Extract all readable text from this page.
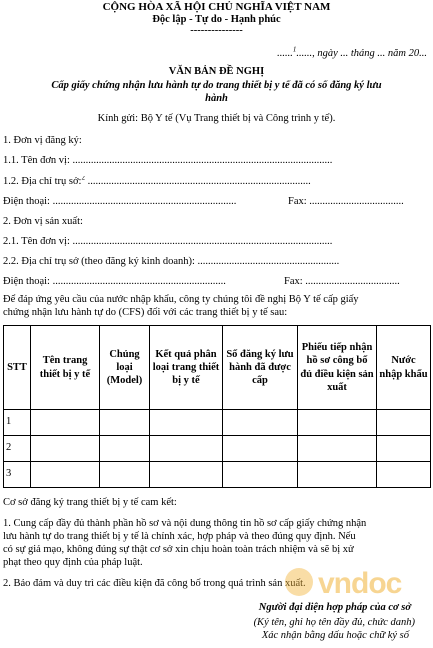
CỘNG HÒA XÃ HỘI CHỦ NGHĨA VIỆT NAM
Độc lập - Tự do - Hạnh phúc
---------------
......$^1$......, ngày ... tháng ... năm 20...
VĂN BẢN ĐỀ NGHỊ
Cấp giấy chứng nhận lưu hành tự do trang thiết bị y tế đã có số đăng ký lưu
hành
Kính gửi: Bộ Y tế (Vụ Trang thiết bị và Công trình y tế).
1. Đơn vị đăng ký:
1.1. Tên đơn vị: ...................................................................................................
1.2. Địa chỉ trụ sở:$^2$ .....................................................................................
Điện thoại: ......................................................................	Fax: ....................................
2. Đơn vị sản xuất:
2.1. Tên đơn vị: ...................................................................................................
2.2. Địa chỉ trụ sở (theo đăng ký kinh doanh): ......................................................
Điện thoại: ..................................................................	Fax: ....................................
Để đáp ứng yêu cầu của nước nhập khẩu, công ty chúng tôi đề nghị Bộ Y tế cấp giấy
chứng nhận lưu hành tự do (CFS) đối với các trang thiết bị y tế sau:
STT	Tên trang thiết bị y tế	Chủng loại (Model)	Kết quả phân loại trang thiết bị y tế	Số đăng ký lưu hành đã được cấp	Phiếu tiếp nhận hồ sơ công bố đủ điều kiện sản xuất	Nước nhập khẩu
1						
2						
3						
Cơ sở đăng ký trang thiết bị y tế cam kết:
1. Cung cấp đầy đủ thành phần hồ sơ và nội dung thông tin hồ sơ cấp giấy chứng nhận
lưu hành tự do trang thiết bị y tế là chính xác, hợp pháp và theo đúng quy định. Nếu
có sự giả mạo, không đúng sự thật cơ sở xin chịu hoàn toàn trách nhiệm và sẽ bị xử
phạt theo quy định của pháp luật.
2. Bảo đảm và duy trì các điều kiện đã công bố trong quá trình sản xuất. vndoc
Người đại diện hợp pháp của cơ sở
(Ký tên, ghi họ tên đầy đủ, chức danh)
Xác nhận bằng dấu hoặc chữ ký số
